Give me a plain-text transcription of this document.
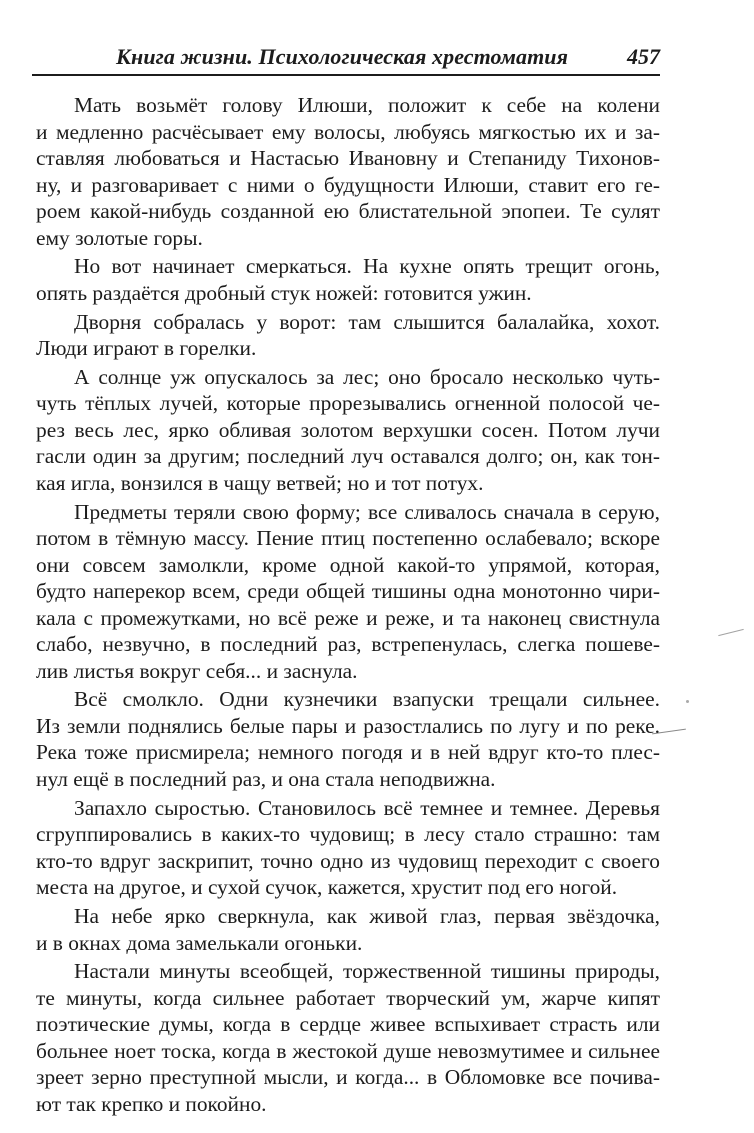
Книга жизни. Психологическая хрестоматия	457

Мать возьмёт голову Илюши, положит к себе на колени
и медленно расчёсывает ему волосы, любуясь мягкостью их и за-
ставляя любоваться и Настасью Ивановну и Степаниду Тихонов-
ну, и разговаривает с ними о будущности Илюши, ставит его ге-
роем какой-нибудь созданной ею блистательной эпопеи. Те сулят
ему золотые горы.

Но вот начинает смеркаться. На кухне опять трещит огонь,
опять раздаётся дробный стук ножей: готовится ужин.

Дворня собралась у ворот: там слышится балалайка, хохот.
Люди играют в горелки.

А солнце уж опускалось за лес; оно бросало несколько чуть-
чуть тёплых лучей, которые прорезывались огненной полосой че-
рез весь лес, ярко обливая золотом верхушки сосен. Потом лучи
гасли один за другим; последний луч оставался долго; он, как тон-
кая игла, вонзился в чащу ветвей; но и тот потух.

Предметы теряли свою форму; все сливалось сначала в серую,
потом в тёмную массу. Пение птиц постепенно ослабевало; вскоре
они совсем замолкли, кроме одной какой-то упрямой, которая,
будто наперекор всем, среди общей тишины одна монотонно чири-
кала с промежутками, но всё реже и реже, и та наконец свистнула
слабо, незвучно, в последний раз, встрепенулась, слегка пошеве-
лив листья вокруг себя... и заснула.

Всё смолкло. Одни кузнечики взапуски трещали сильнее.
Из земли поднялись белые пары и разостлались по лугу и по реке.
Река тоже присмирела; немного погодя и в ней вдруг кто-то плес-
нул ещё в последний раз, и она стала неподвижна.

Запахло сыростью. Становилось всё темнее и темнее. Деревья
сгруппировались в каких-то чудовищ; в лесу стало страшно: там
кто-то вдруг заскрипит, точно одно из чудовищ переходит с своего
места на другое, и сухой сучок, кажется, хрустит под его ногой.

На небе ярко сверкнула, как живой глаз, первая звёздочка,
и в окнах дома замелькали огоньки.

Настали минуты всеобщей, торжественной тишины природы,
те минуты, когда сильнее работает творческий ум, жарче кипят
поэтические думы, когда в сердце живее вспыхивает страсть или
больнее ноет тоска, когда в жестокой душе невозмутимее и сильнее
зреет зерно преступной мысли, и когда... в Обломовке все почива-
ют так крепко и покойно.
